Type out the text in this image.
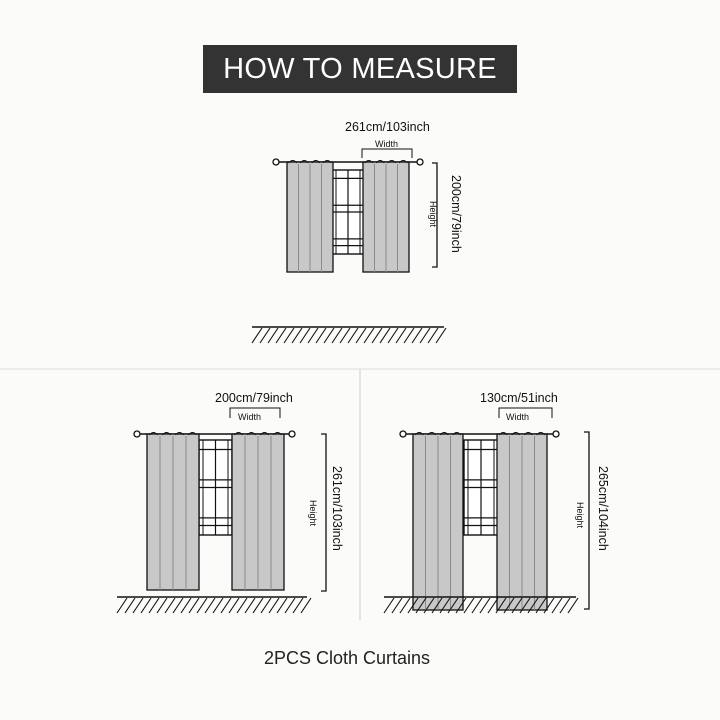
HOW TO MEASURE
261cm/103inch
Width
200cm/79inch
Height
200cm/79inch
Width
261cm/103inch
Height
130cm/51inch
Width
265cm/104inch
Height
2PCS Cloth Curtains
